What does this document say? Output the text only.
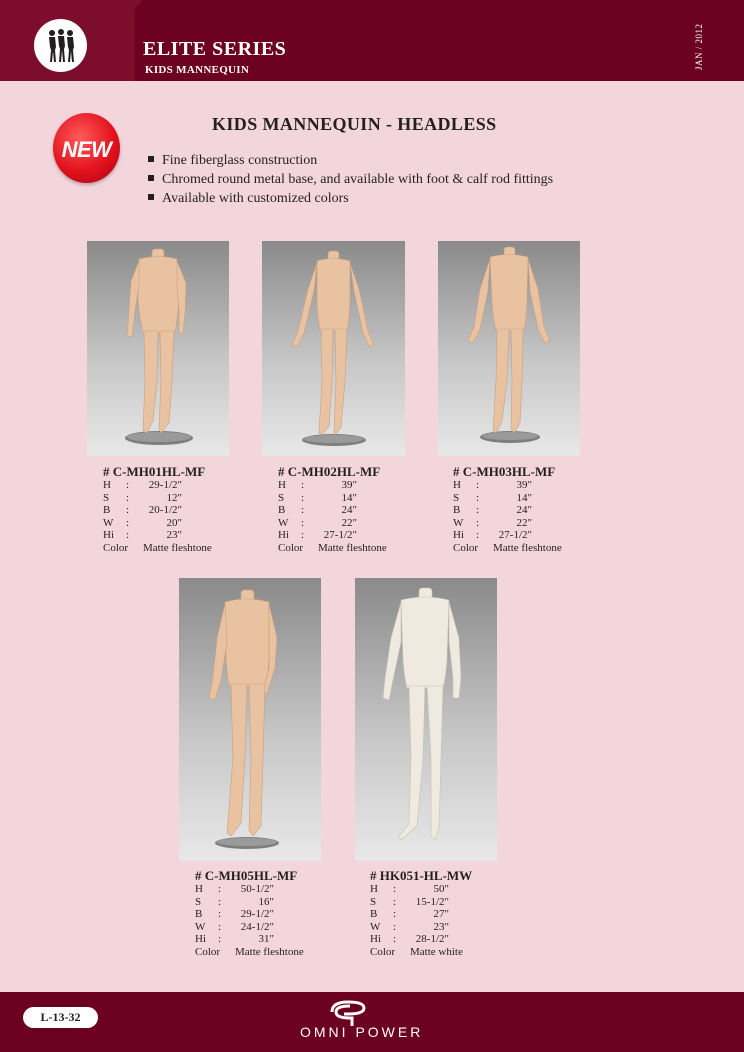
ELITE SERIES
KIDS MANNEQUIN	JAN / 2012
NEW
KIDS MANNEQUIN - HEADLESS
Fine fiberglass construction
Chromed round metal base, and available with foot & calf rod fittings
Available with customized colors
# C-MH01HL-MF
H	:	29-1/2"
S	:	12"
B	:	20-1/2"
W	:	20"
Hi	:	23"
Color	Matte fleshtone
# C-MH02HL-MF
H	:	39"
S	:	14"
B	:	24"
W	:	22"
Hi	:	27-1/2"
Color	Matte fleshtone
# C-MH03HL-MF
H	:	39"
S	:	14"
B	:	24"
W	:	22"
Hi	:	27-1/2"
Color	Matte fleshtone
# C-MH05HL-MF
H	:	50-1/2"
S	:	16"
B	:	29-1/2"
W	:	24-1/2"
Hi	:	31"
Color	Matte fleshtone
# HK051-HL-MW
H	:	50"
S	:	15-1/2"
B	:	27"
W	:	23"
Hi	:	28-1/2"
Color	Matte white
L-13-32
OMNI POWER
